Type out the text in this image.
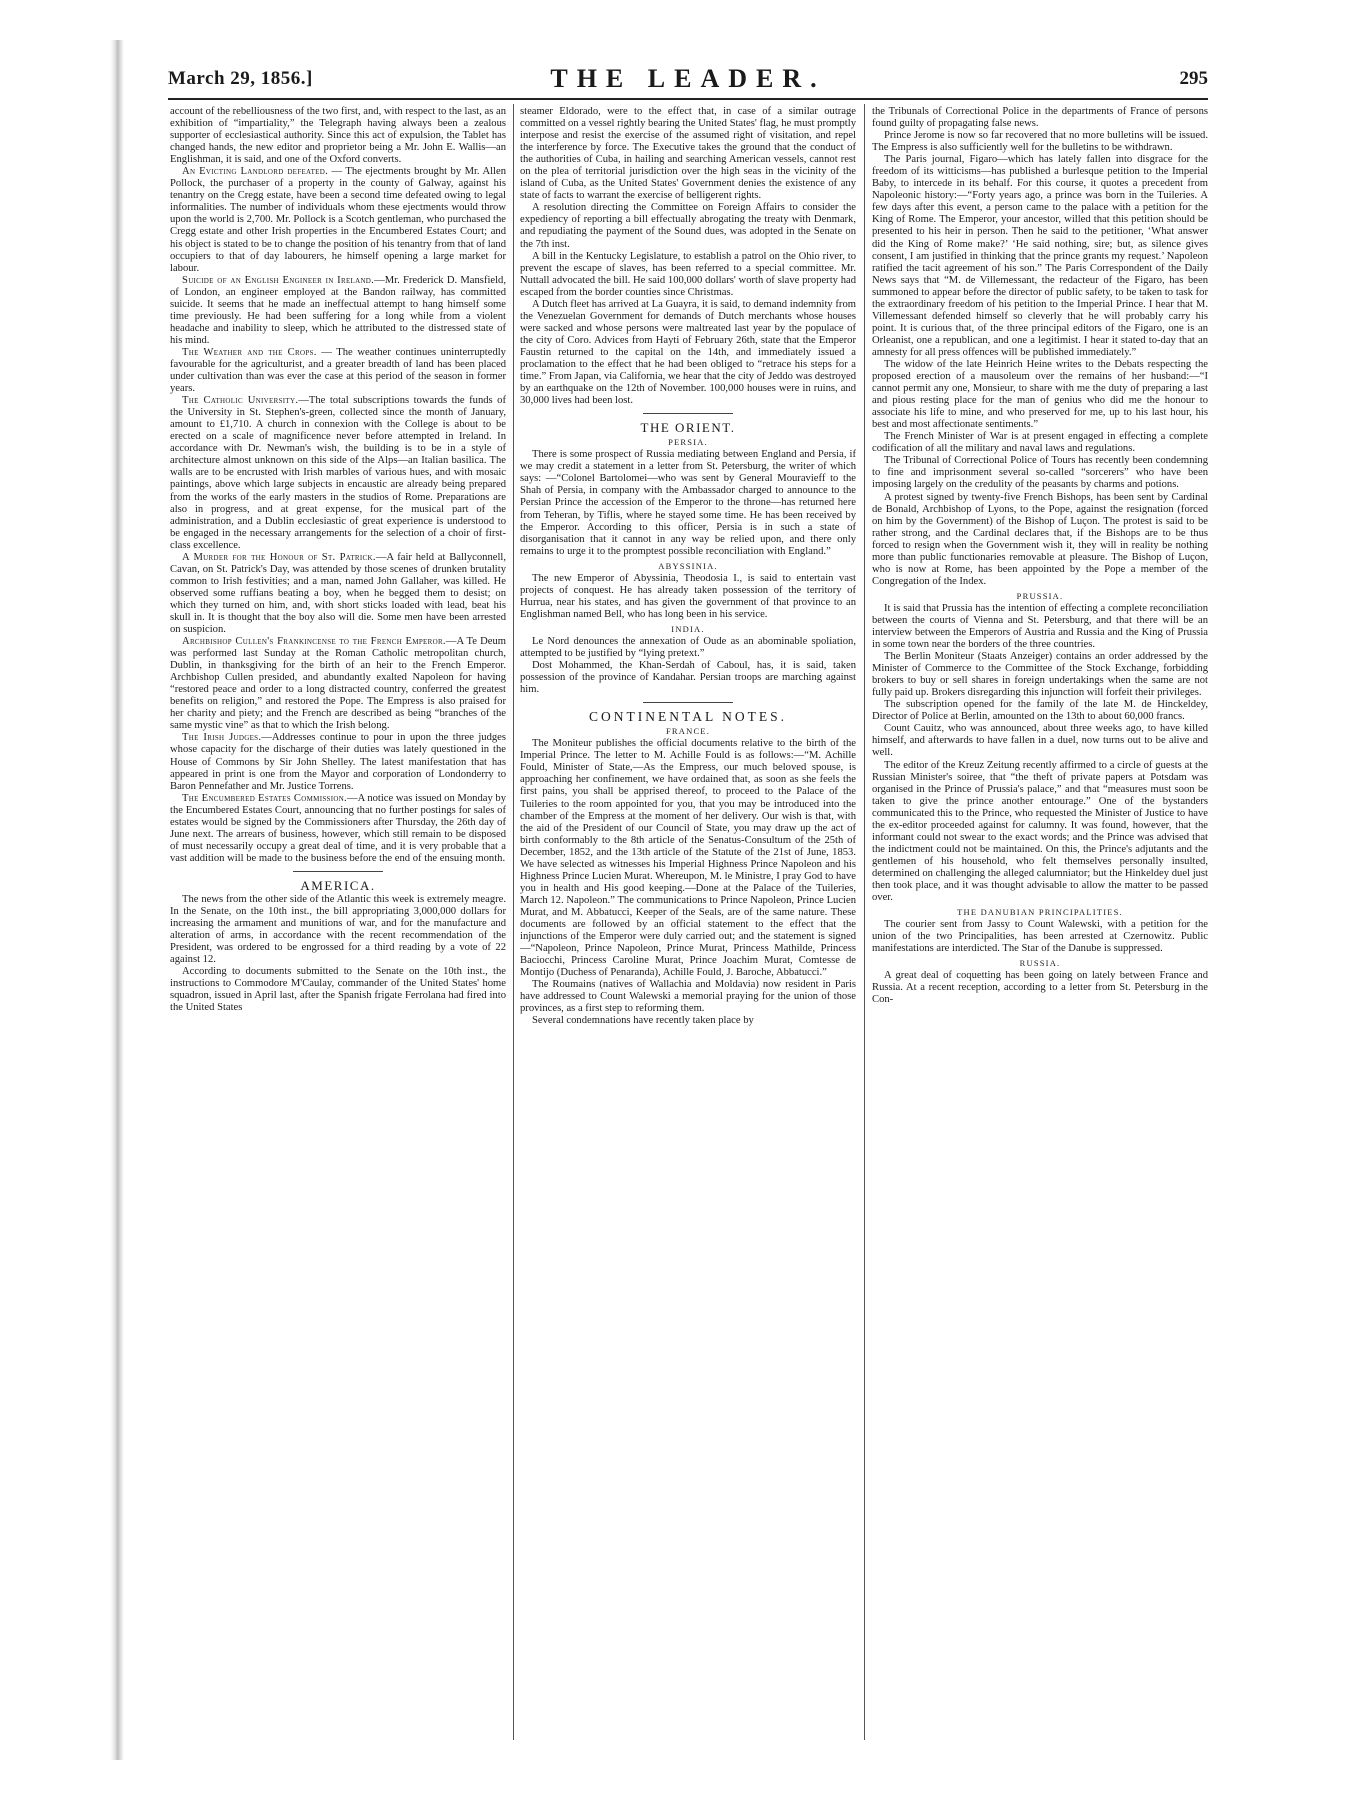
March 29, 1856.]	THE LEADER.	295

account of the rebelliousness of the two first, and, with respect to the last, as an exhibition of “impartiality,” the Telegraph having always been a zealous supporter of ecclesiastical authority. Since this act of expulsion, the Tablet has changed hands, the new editor and proprietor being a Mr. John E. Wallis—an Englishman, it is said, and one of the Oxford converts.

An Evicting Landlord defeated. — The ejectments brought by Mr. Allen Pollock, the purchaser of a property in the county of Galway, against his tenantry on the Cregg estate, have been a second time defeated owing to legal informalities. The number of individuals whom these ejectments would throw upon the world is 2,700. Mr. Pollock is a Scotch gentleman, who purchased the Cregg estate and other Irish properties in the Encumbered Estates Court; and his object is stated to be to change the position of his tenantry from that of land occupiers to that of day labourers, he himself opening a large market for labour.

Suicide of an English Engineer in Ireland.—Mr. Frederick D. Mansfield, of London, an engineer employed at the Bandon railway, has committed suicide. It seems that he made an ineffectual attempt to hang himself some time previously. He had been suffering for a long while from a violent headache and inability to sleep, which he attributed to the distressed state of his mind.

The Weather and the Crops. — The weather continues uninterruptedly favourable for the agriculturist, and a greater breadth of land has been placed under cultivation than was ever the case at this period of the season in former years.

The Catholic University.—The total subscriptions towards the funds of the University in St. Stephen's-green, collected since the month of January, amount to £1,710. A church in connexion with the College is about to be erected on a scale of magnificence never before attempted in Ireland. In accordance with Dr. Newman's wish, the building is to be in a style of architecture almost unknown on this side of the Alps—an Italian basilica. The walls are to be encrusted with Irish marbles of various hues, and with mosaic paintings, above which large subjects in encaustic are already being prepared from the works of the early masters in the studios of Rome. Preparations are also in progress, and at great expense, for the musical part of the administration, and a Dublin ecclesiastic of great experience is understood to be engaged in the necessary arrangements for the selection of a choir of first-class excellence.

A Murder for the Honour of St. Patrick.—A fair held at Ballyconnell, Cavan, on St. Patrick's Day, was attended by those scenes of drunken brutality common to Irish festivities; and a man, named John Gallaher, was killed. He observed some ruffians beating a boy, when he begged them to desist; on which they turned on him, and, with short sticks loaded with lead, beat his skull in. It is thought that the boy also will die. Some men have been arrested on suspicion.

Archbishop Cullen's Frankincense to the French Emperor.—A Te Deum was performed last Sunday at the Roman Catholic metropolitan church, Dublin, in thanksgiving for the birth of an heir to the French Emperor. Archbishop Cullen presided, and abundantly exalted Napoleon for having “restored peace and order to a long distracted country, conferred the greatest benefits on religion,” and restored the Pope. The Empress is also praised for her charity and piety; and the French are described as being “branches of the same mystic vine” as that to which the Irish belong.

The Irish Judges.—Addresses continue to pour in upon the three judges whose capacity for the discharge of their duties was lately questioned in the House of Commons by Sir John Shelley. The latest manifestation that has appeared in print is one from the Mayor and corporation of Londonderry to Baron Pennefather and Mr. Justice Torrens.

The Encumbered Estates Commission.—A notice was issued on Monday by the Encumbered Estates Court, announcing that no further postings for sales of estates would be signed by the Commissioners after Thursday, the 26th day of June next. The arrears of business, however, which still remain to be disposed of must necessarily occupy a great deal of time, and it is very probable that a vast addition will be made to the business before the end of the ensuing month.

AMERICA.

The news from the other side of the Atlantic this week is extremely meagre. In the Senate, on the 10th inst., the bill appropriating 3,000,000 dollars for increasing the armament and munitions of war, and for the manufacture and alteration of arms, in accordance with the recent recommendation of the President, was ordered to be engrossed for a third reading by a vote of 22 against 12.

According to documents submitted to the Senate on the 10th inst., the instructions to Commodore M'Caulay, commander of the United States' home squadron, issued in April last, after the Spanish frigate Ferrolana had fired into the United States

steamer Eldorado, were to the effect that, in case of a similar outrage committed on a vessel rightly bearing the United States' flag, he must promptly interpose and resist the exercise of the assumed right of visitation, and repel the interference by force. The Executive takes the ground that the conduct of the authorities of Cuba, in hailing and searching American vessels, cannot rest on the plea of territorial jurisdiction over the high seas in the vicinity of the island of Cuba, as the United States' Government denies the existence of any state of facts to warrant the exercise of belligerent rights.

A resolution directing the Committee on Foreign Affairs to consider the expediency of reporting a bill effectually abrogating the treaty with Denmark, and repudiating the payment of the Sound dues, was adopted in the Senate on the 7th inst.

A bill in the Kentucky Legislature, to establish a patrol on the Ohio river, to prevent the escape of slaves, has been referred to a special committee. Mr. Nuttall advocated the bill. He said 100,000 dollars' worth of slave property had escaped from the border counties since Christmas.

A Dutch fleet has arrived at La Guayra, it is said, to demand indemnity from the Venezuelan Government for demands of Dutch merchants whose houses were sacked and whose persons were maltreated last year by the populace of the city of Coro. Advices from Hayti of February 26th, state that the Emperor Faustin returned to the capital on the 14th, and immediately issued a proclamation to the effect that he had been obliged to “retrace his steps for a time.” From Japan, via California, we hear that the city of Jeddo was destroyed by an earthquake on the 12th of November. 100,000 houses were in ruins, and 30,000 lives had been lost.

THE ORIENT.
PERSIA.

There is some prospect of Russia mediating between England and Persia, if we may credit a statement in a letter from St. Petersburg, the writer of which says: —“Colonel Bartolomei—who was sent by General Mouravieff to the Shah of Persia, in company with the Ambassador charged to announce to the Persian Prince the accession of the Emperor to the throne—has returned here from Teheran, by Tiflis, where he stayed some time. He has been received by the Emperor. According to this officer, Persia is in such a state of disorganisation that it cannot in any way be relied upon, and there only remains to urge it to the promptest possible reconciliation with England.”

ABYSSINIA.

The new Emperor of Abyssinia, Theodosia I., is said to entertain vast projects of conquest. He has already taken possession of the territory of Hurrua, near his states, and has given the government of that province to an Englishman named Bell, who has long been in his service.

INDIA.

Le Nord denounces the annexation of Oude as an abominable spoliation, attempted to be justified by “lying pretext.”

Dost Mohammed, the Khan-Serdah of Caboul, has, it is said, taken possession of the province of Kandahar. Persian troops are marching against him.

CONTINENTAL NOTES.
FRANCE.

The Moniteur publishes the official documents relative to the birth of the Imperial Prince. The letter to M. Achille Fould is as follows:—“M. Achille Fould, Minister of State,—As the Empress, our much beloved spouse, is approaching her confinement, we have ordained that, as soon as she feels the first pains, you shall be apprised thereof, to proceed to the Palace of the Tuileries to the room appointed for you, that you may be introduced into the chamber of the Empress at the moment of her delivery. Our wish is that, with the aid of the President of our Council of State, you may draw up the act of birth conformably to the 8th article of the Senatus-Consultum of the 25th of December, 1852, and the 13th article of the Statute of the 21st of June, 1853. We have selected as witnesses his Imperial Highness Prince Napoleon and his Highness Prince Lucien Murat. Whereupon, M. le Ministre, I pray God to have you in health and His good keeping.—Done at the Palace of the Tuileries, March 12. Napoleon.” The communications to Prince Napoleon, Prince Lucien Murat, and M. Abbatucci, Keeper of the Seals, are of the same nature. These documents are followed by an official statement to the effect that the injunctions of the Emperor were duly carried out; and the statement is signed—“Napoleon, Prince Napoleon, Prince Murat, Princess Mathilde, Princess Baciocchi, Princess Caroline Murat, Prince Joachim Murat, Comtesse de Montijo (Duchess of Penaranda), Achille Fould, J. Baroche, Abbatucci.”

The Roumains (natives of Wallachia and Moldavia) now resident in Paris have addressed to Count Walewski a memorial praying for the union of those provinces, as a first step to reforming them.

Several condemnations have recently taken place by

the Tribunals of Correctional Police in the departments of France of persons found guilty of propagating false news.

Prince Jerome is now so far recovered that no more bulletins will be issued. The Empress is also sufficiently well for the bulletins to be withdrawn.

The Paris journal, Figaro—which has lately fallen into disgrace for the freedom of its witticisms—has published a burlesque petition to the Imperial Baby, to intercede in its behalf. For this course, it quotes a precedent from Napoleonic history:—“Forty years ago, a prince was born in the Tuileries. A few days after this event, a person came to the palace with a petition for the King of Rome. The Emperor, your ancestor, willed that this petition should be presented to his heir in person. Then he said to the petitioner, ‘What answer did the King of Rome make?’ ‘He said nothing, sire; but, as silence gives consent, I am justified in thinking that the prince grants my request.’ Napoleon ratified the tacit agreement of his son.” The Paris Correspondent of the Daily News says that “M. de Villemessant, the redacteur of the Figaro, has been summoned to appear before the director of public safety, to be taken to task for the extraordinary freedom of his petition to the Imperial Prince. I hear that M. Villemessant defended himself so cleverly that he will probably carry his point. It is curious that, of the three principal editors of the Figaro, one is an Orleanist, one a republican, and one a legitimist. I hear it stated to-day that an amnesty for all press offences will be published immediately.”

The widow of the late Heinrich Heine writes to the Debats respecting the proposed erection of a mausoleum over the remains of her husband:—“I cannot permit any one, Monsieur, to share with me the duty of preparing a last and pious resting place for the man of genius who did me the honour to associate his life to mine, and who preserved for me, up to his last hour, his best and most affectionate sentiments.”

The French Minister of War is at present engaged in effecting a complete codification of all the military and naval laws and regulations.

The Tribunal of Correctional Police of Tours has recently been condemning to fine and imprisonment several so-called “sorcerers” who have been imposing largely on the credulity of the peasants by charms and potions.

A protest signed by twenty-five French Bishops, has been sent by Cardinal de Bonald, Archbishop of Lyons, to the Pope, against the resignation (forced on him by the Government) of the Bishop of Luçon. The protest is said to be rather strong, and the Cardinal declares that, if the Bishops are to be thus forced to resign when the Government wish it, they will in reality be nothing more than public functionaries removable at pleasure. The Bishop of Luçon, who is now at Rome, has been appointed by the Pope a member of the Congregation of the Index.

PRUSSIA.

It is said that Prussia has the intention of effecting a complete reconciliation between the courts of Vienna and St. Petersburg, and that there will be an interview between the Emperors of Austria and Russia and the King of Prussia in some town near the borders of the three countries.

The Berlin Moniteur (Staats Anzeiger) contains an order addressed by the Minister of Commerce to the Committee of the Stock Exchange, forbidding brokers to buy or sell shares in foreign undertakings when the same are not fully paid up. Brokers disregarding this injunction will forfeit their privileges.

The subscription opened for the family of the late M. de Hinckeldey, Director of Police at Berlin, amounted on the 13th to about 60,000 francs.

Count Cauitz, who was announced, about three weeks ago, to have killed himself, and afterwards to have fallen in a duel, now turns out to be alive and well.

The editor of the Kreuz Zeitung recently affirmed to a circle of guests at the Russian Minister's soiree, that “the theft of private papers at Potsdam was organised in the Prince of Prussia's palace,” and that “measures must soon be taken to give the prince another entourage.” One of the bystanders communicated this to the Prince, who requested the Minister of Justice to have the ex-editor proceeded against for calumny. It was found, however, that the informant could not swear to the exact words; and the Prince was advised that the indictment could not be maintained. On this, the Prince's adjutants and the gentlemen of his household, who felt themselves personally insulted, determined on challenging the alleged calumniator; but the Hinkeldey duel just then took place, and it was thought advisable to allow the matter to be passed over.

THE DANUBIAN PRINCIPALITIES.

The courier sent from Jassy to Count Walewski, with a petition for the union of the two Principalities, has been arrested at Czernowitz. Public manifestations are interdicted. The Star of the Danube is suppressed.

RUSSIA.

A great deal of coquetting has been going on lately between France and Russia. At a recent reception, according to a letter from St. Petersburg in the Con-
